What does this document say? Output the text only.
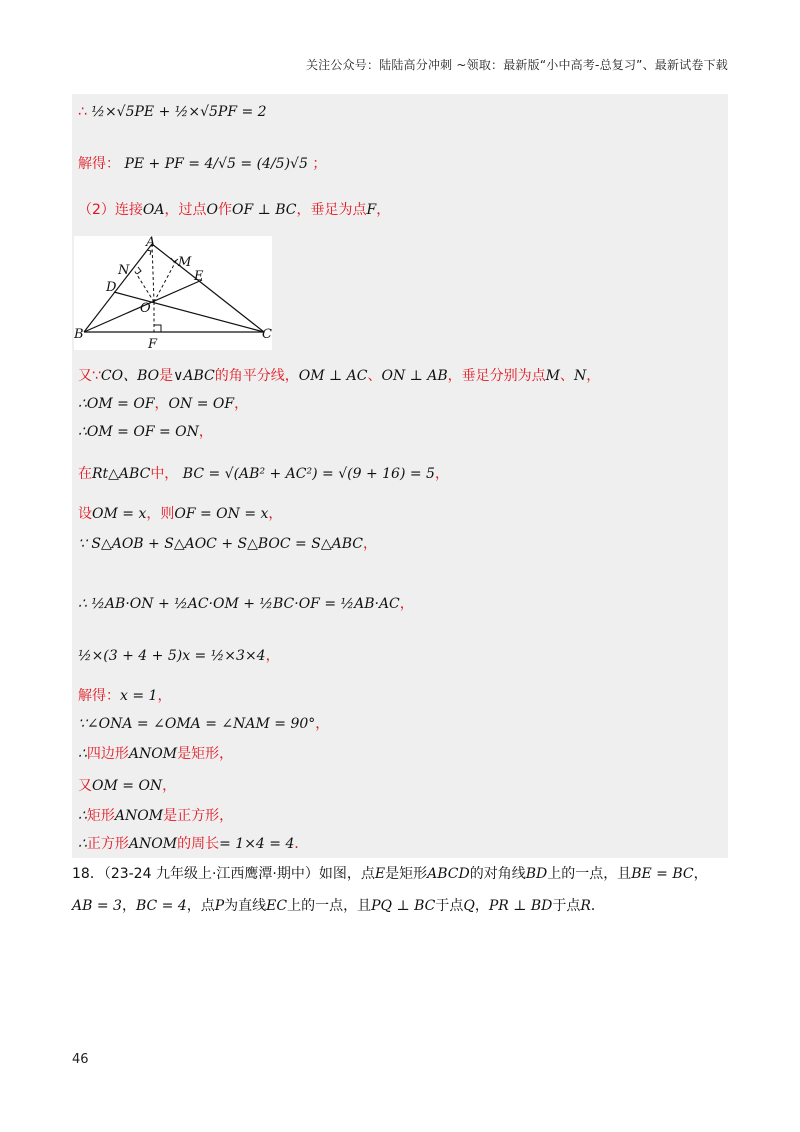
关注公众号：陆陆高分冲刺 ~领取：最新版“小中高考-总复习”、最新试卷下载
∴ ½×√5PE + ½×√5PF = 2
解得： PE + PF = 4/√5 = (4/5)√5 ；
（2）连接OA，过点O作OF ⊥ BC，垂足为点F，
A
N
M
E
D
O
B	C
F
又∵CO、BO是∨ABC的角平分线，OM ⊥ AC、ON ⊥ AB，垂足分别为点M、N，
∴OM = OF，ON = OF，
∴OM = OF = ON，
在Rt△ABC中， BC = √(AB² + AC²) = √(9 + 16) = 5，
设OM = x，则OF = ON = x，
∵ S△AOB + S△AOC + S△BOC = S△ABC，
∴ ½AB·ON + ½AC·OM + ½BC·OF = ½AB·AC，
½×(3 + 4 + 5)x = ½×3×4，
解得：x = 1，
∵∠ONA = ∠OMA = ∠NAM = 90°，
∴四边形ANOM是矩形，
又OM = ON，
∴矩形ANOM是正方形，
∴正方形ANOM的周长= 1×4 = 4．
18．（23-24 九年级上·江西鹰潭·期中）如图，点E是矩形ABCD的对角线BD上的一点，且BE = BC，
AB = 3，BC = 4，点P为直线EC上的一点，且PQ ⊥ BC于点Q，PR ⊥ BD于点R．
46
